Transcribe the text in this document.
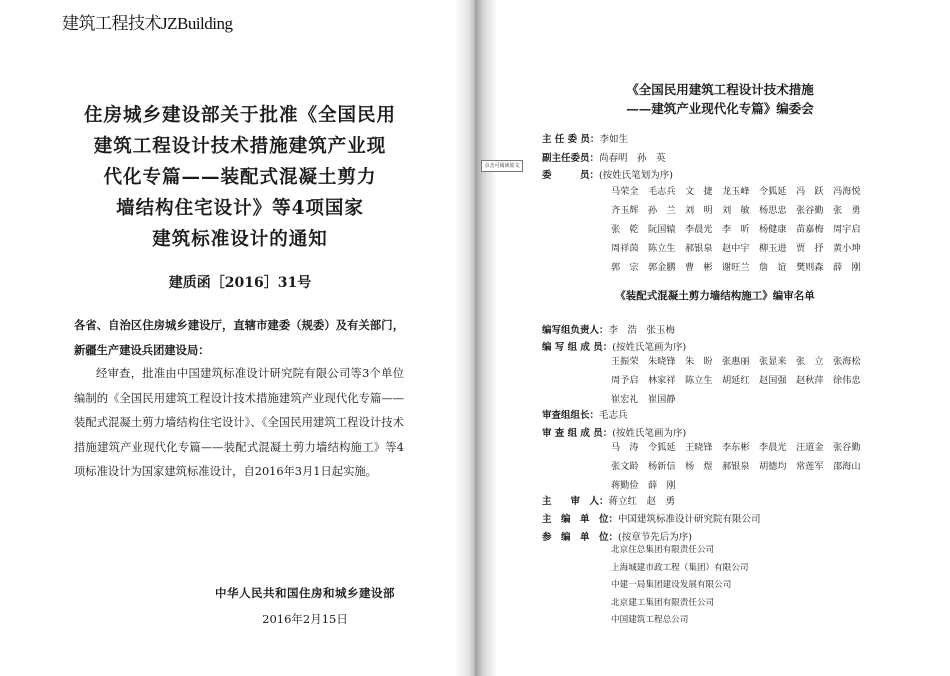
建筑工程技术JZBuilding
住房城乡建设部关于批准《全国民用
建筑工程设计技术措施建筑产业现
代化专篇——装配式混凝土剪力
墙结构住宅设计》等4项国家
建筑标准设计的通知
建质函［2016］31号

各省、自治区住房城乡建设厅，直辖市建委（规委）及有关部门，新疆生产建设兵团建设局：

经审查，批准由中国建筑标准设计研究院有限公司等3个单位编制的《全国民用建筑工程设计技术措施建筑产业现代化专篇——装配式混凝土剪力墙结构住宅设计》、《全国民用建筑工程设计技术措施建筑产业现代化专篇——装配式混凝土剪力墙结构施工》等4项标准设计为国家建筑标准设计，自2016年3月1日起实施。

中华人民共和国住房和城乡建设部
2016年2月15日
《全国民用建筑工程设计技术措施
——建筑产业现代化专篇》编委会
点击可阅读原文
主 任 委 员：李如生
副主任委员：尚春明　孙　英
委　　　员：(按姓氏笔划为序)
马荣全 毛志兵 文　捷 龙玉峰 令狐延 冯　跃 冯海悦
齐玉辉 孙　兰 刘　明 刘　敏 杨思忠 张谷勤 张　勇
张　乾 阮国辕 李晨光 李　昕 杨健康 苗嘉梅 周宇启
周祥茵 陈立生 郝银泉 赵中宇 柳玉进 贾　抒 黄小坤
郭　宗 郭金鹏 曹　彬 谢旺兰 詹　谊 樊则森 薛　刚
《装配式混凝土剪力墙结构施工》编审名单
编写组负责人：李　浩　张玉梅
编 写 组 成 员：(按姓氏笔画为序)
王振荣 朱晓锋 朱　盼 张惠丽 张显来 张　立 张海松
周予启 林家祥 陈立生 胡延红 赵国强 赵秋萍 徐伟忠
崔宏礼 崔国静
审查组组长：毛志兵
审 查 组 成 员：(按姓氏笔画为序)
马　涛 令狐延 王晓锋 李东彬 李晨光 汪道金 张谷勤
张文龄 杨新信 杨　煜 郝银泉 胡德均 常莲军 邵海山
蒋勤俭 薛　刚
主　　审　人：蒋立红　赵　勇
主　编　单　位：中国建筑标准设计研究院有限公司
参　编　单　位：(按章节先后为序)
北京住总集团有限责任公司
上海城建市政工程（集团）有限公司
中建一局集团建设发展有限公司
北京建工集团有限责任公司
中国建筑工程总公司
